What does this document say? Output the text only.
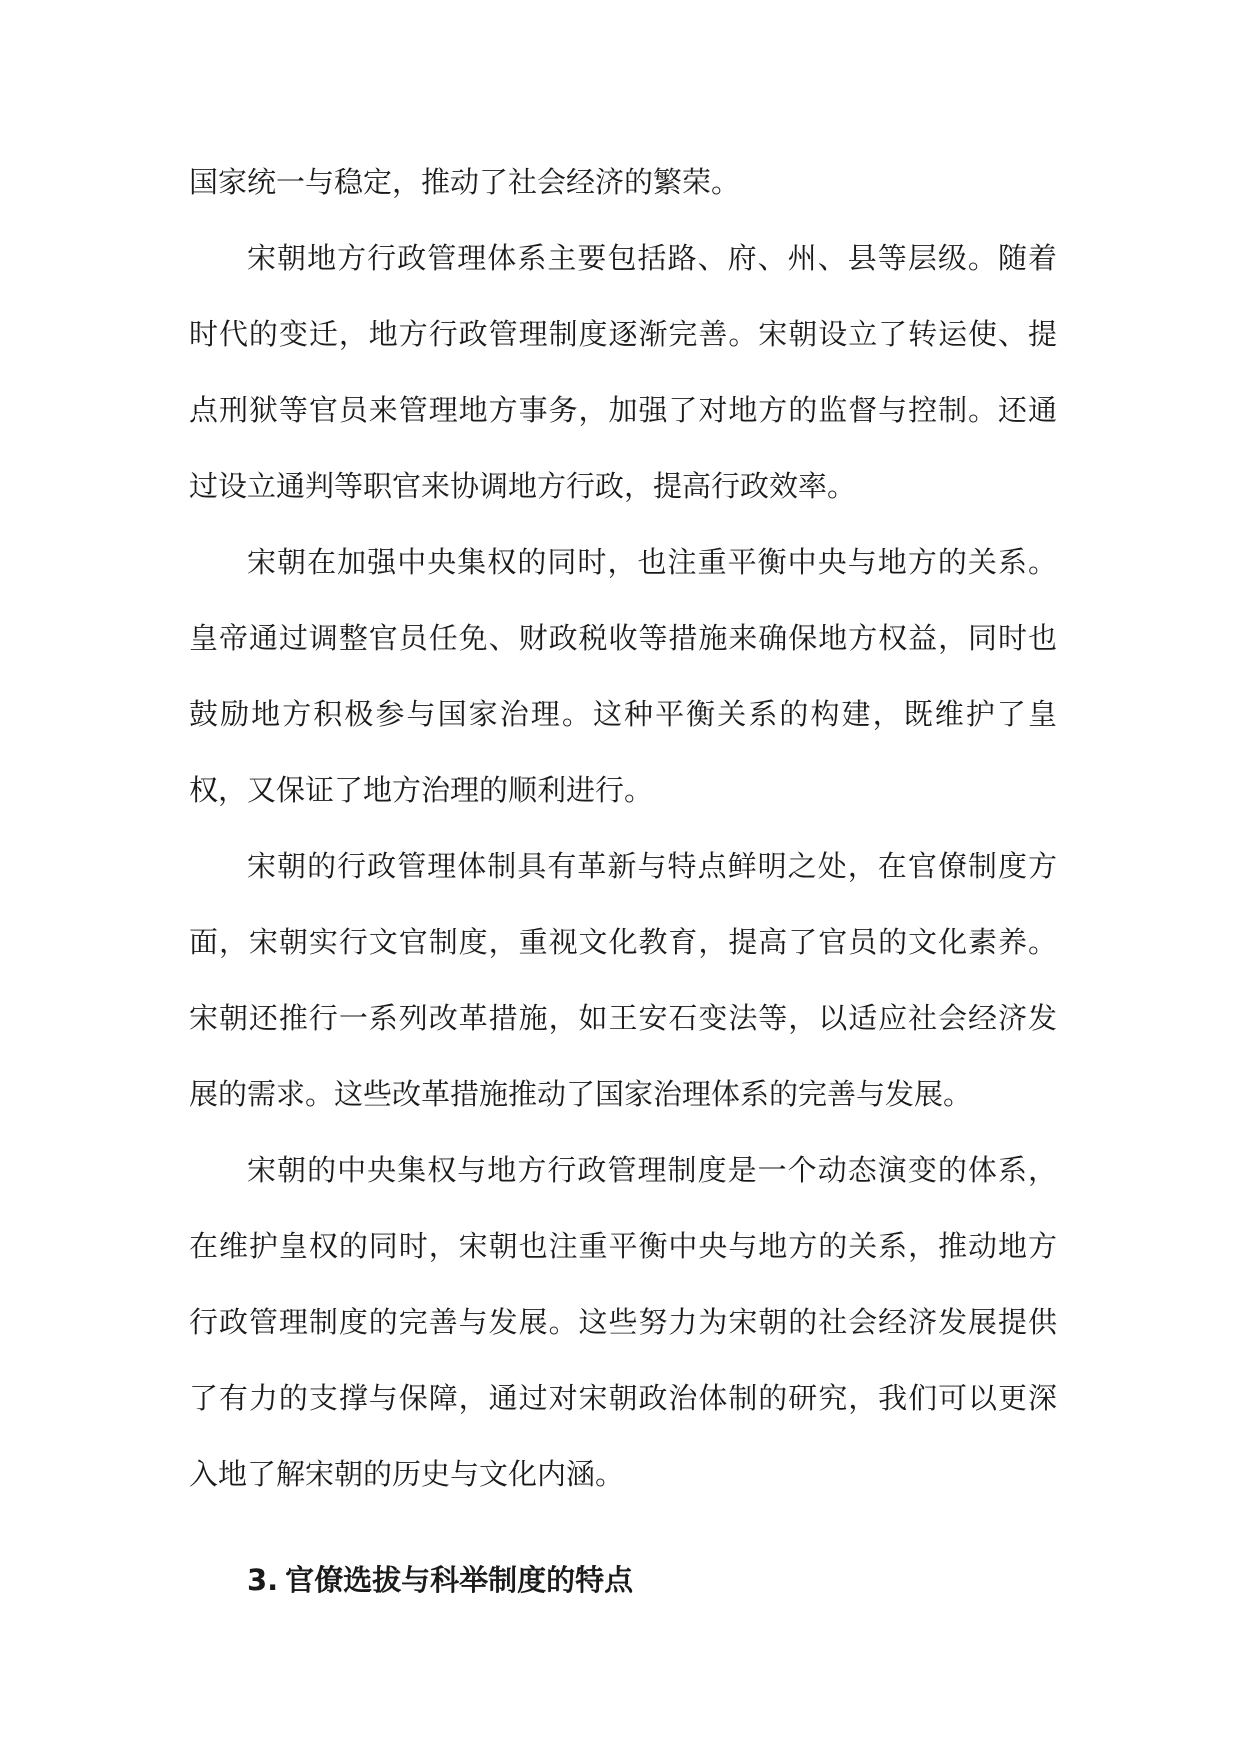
国家统一与稳定，推动了社会经济的繁荣。

宋朝地方行政管理体系主要包括路、府、州、县等层级。随着时代的变迁，地方行政管理制度逐渐完善。宋朝设立了转运使、提点刑狱等官员来管理地方事务，加强了对地方的监督与控制。还通过设立通判等职官来协调地方行政，提高行政效率。

宋朝在加强中央集权的同时，也注重平衡中央与地方的关系。皇帝通过调整官员任免、财政税收等措施来确保地方权益，同时也鼓励地方积极参与国家治理。这种平衡关系的构建，既维护了皇权，又保证了地方治理的顺利进行。

宋朝的行政管理体制具有革新与特点鲜明之处，在官僚制度方面，宋朝实行文官制度，重视文化教育，提高了官员的文化素养。宋朝还推行一系列改革措施，如王安石变法等，以适应社会经济发展的需求。这些改革措施推动了国家治理体系的完善与发展。

宋朝的中央集权与地方行政管理制度是一个动态演变的体系，在维护皇权的同时，宋朝也注重平衡中央与地方的关系，推动地方行政管理制度的完善与发展。这些努力为宋朝的社会经济发展提供了有力的支撑与保障，通过对宋朝政治体制的研究，我们可以更深入地了解宋朝的历史与文化内涵。

3. 官僚选拔与科举制度的特点
